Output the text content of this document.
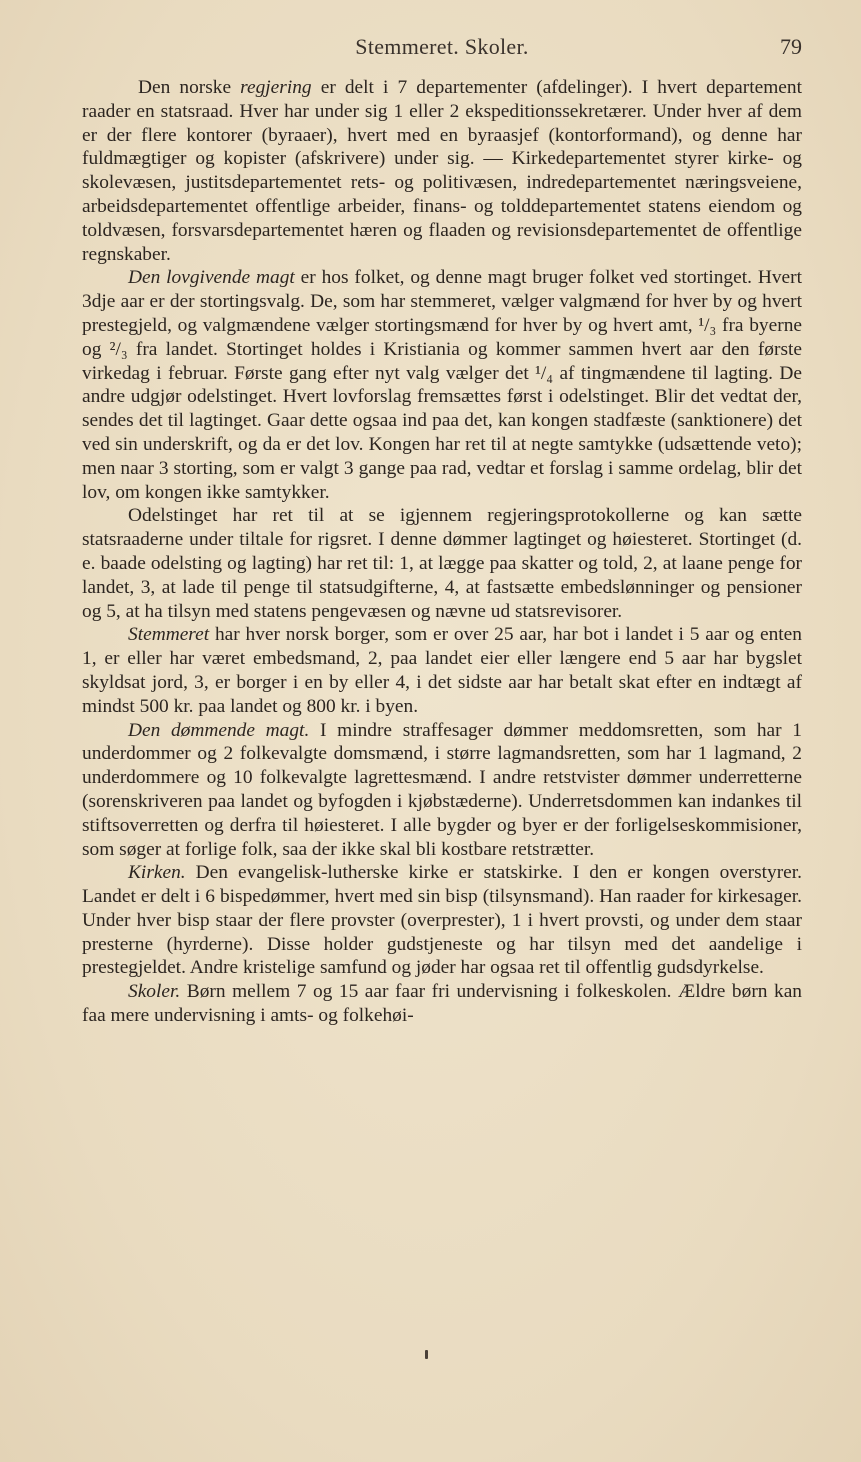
Stemmeret. Skoler.	79

Den norske regjering er delt i 7 departementer (afdelinger). I hvert departement raader en statsraad. Hver har under sig 1 eller 2 ekspeditionssekretærer. Under hver af dem er der flere kontorer (byraaer), hvert med en byraasjef (kontorformand), og denne har fuldmægtiger og kopister (afskrivere) under sig. — Kirkedepartementet styrer kirke- og skolevæsen, justitsdepartementet rets- og politivæsen, indredepartementet næringsveiene, arbeidsdepartementet offentlige arbeider, finans- og tolddepartementet statens eiendom og toldvæsen, forsvarsdepartementet hæren og flaaden og revisionsdepartementet de offentlige regnskaber.

Den lovgivende magt er hos folket, og denne magt bruger folket ved stortinget. Hvert 3dje aar er der stortingsvalg. De, som har stemmeret, vælger valgmænd for hver by og hvert prestegjeld, og valgmændene vælger stortingsmænd for hver by og hvert amt, ¹/₃ fra byerne og ²/₃ fra landet. Stortinget holdes i Kristiania og kommer sammen hvert aar den første virkedag i februar. Første gang efter nyt valg vælger det ¹/₄ af tingmændene til lagting. De andre udgjør odelstinget. Hvert lovforslag fremsættes først i odelstinget. Blir det vedtat der, sendes det til lagtinget. Gaar dette ogsaa ind paa det, kan kongen stadfæste (sanktionere) det ved sin underskrift, og da er det lov. Kongen har ret til at negte samtykke (udsættende veto); men naar 3 storting, som er valgt 3 gange paa rad, vedtar et forslag i samme ordelag, blir det lov, om kongen ikke samtykker.

Odelstinget har ret til at se igjennem regjeringsprotokollerne og kan sætte statsraaderne under tiltale for rigsret. I denne dømmer lagtinget og høiesteret. Stortinget (d. e. baade odelsting og lagting) har ret til: 1, at lægge paa skatter og told, 2, at laane penge for landet, 3, at lade til penge til statsudgifterne, 4, at fastsætte embedslønninger og pensioner og 5, at ha tilsyn med statens pengevæsen og nævne ud statsrevisorer.

Stemmeret har hver norsk borger, som er over 25 aar, har bot i landet i 5 aar og enten 1, er eller har været embedsmand, 2, paa landet eier eller længere end 5 aar har bygslet skyldsat jord, 3, er borger i en by eller 4, i det sidste aar har betalt skat efter en indtægt af mindst 500 kr. paa landet og 800 kr. i byen.

Den dømmende magt. I mindre straffesager dømmer meddomsretten, som har 1 underdommer og 2 folkevalgte domsmænd, i større lagmandsretten, som har 1 lagmand, 2 underdommere og 10 folkevalgte lagrettesmænd. I andre retstvister dømmer underretterne (sorenskriveren paa landet og byfogden i kjøbstæderne). Underretsdommen kan indankes til stiftsoverretten og derfra til høiesteret. I alle bygder og byer er der forligelseskommisioner, som søger at forlige folk, saa der ikke skal bli kostbare retstrætter.

Kirken. Den evangelisk-lutherske kirke er statskirke. I den er kongen overstyrer. Landet er delt i 6 bispedømmer, hvert med sin bisp (tilsynsmand). Han raader for kirkesager. Under hver bisp staar der flere provster (overprester), 1 i hvert provsti, og under dem staar presterne (hyrderne). Disse holder gudstjeneste og har tilsyn med det aandelige i prestegjeldet. Andre kristelige samfund og jøder har ogsaa ret til offentlig gudsdyrkelse.

Skoler. Børn mellem 7 og 15 aar faar fri undervisning i folkeskolen. Ældre børn kan faa mere undervisning i amts- og folkehøi-
